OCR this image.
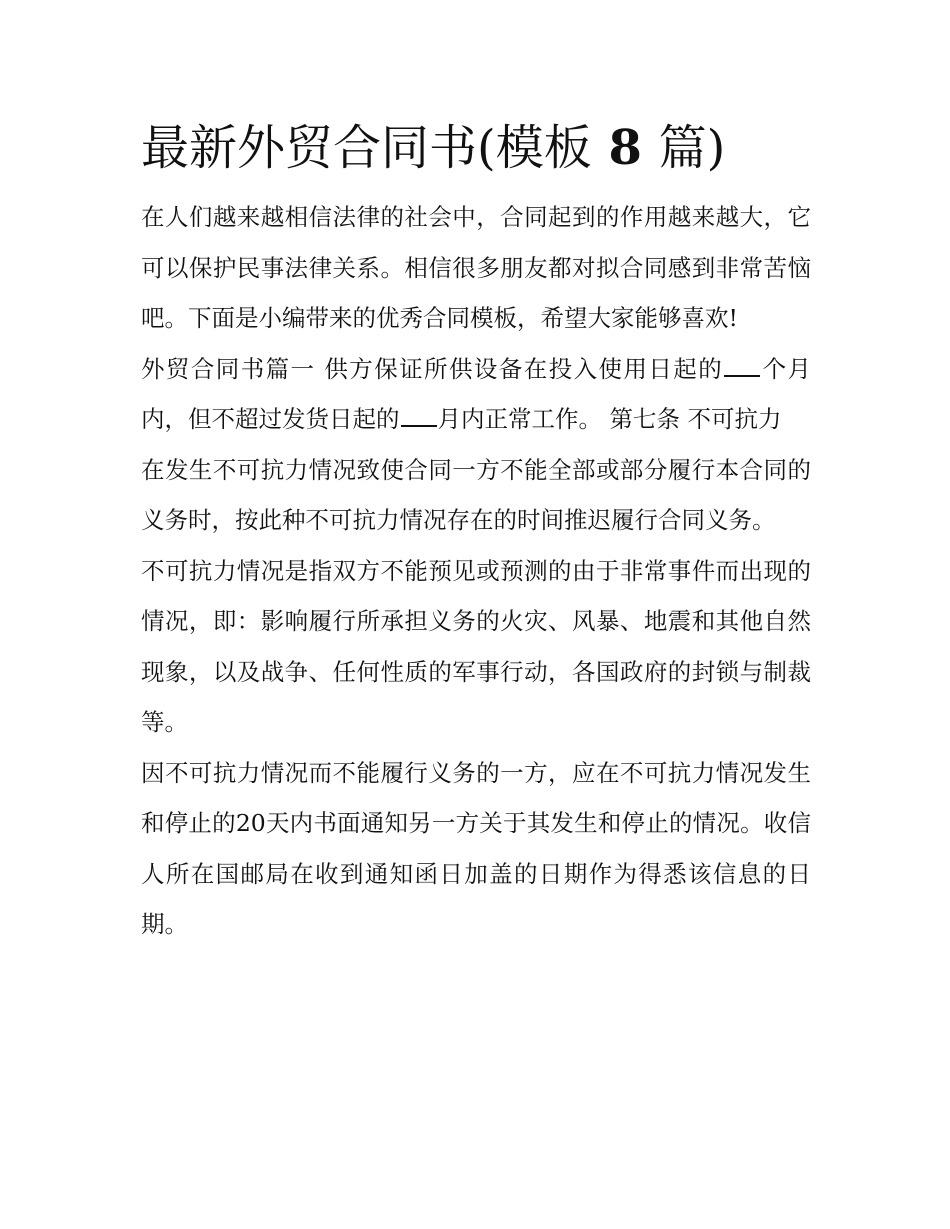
最新外贸合同书(模板 8 篇)

在人们越来越相信法律的社会中，合同起到的作用越来越大，它可以保护民事法律关系。相信很多朋友都对拟合同感到非常苦恼吧。下面是小编带来的优秀合同模板，希望大家能够喜欢!

外贸合同书篇一 供方保证所供设备在投入使用日起的 个月内，但不超过发货日起的 月内正常工作。 第七条 不可抗力

在发生不可抗力情况致使合同一方不能全部或部分履行本合同的义务时，按此种不可抗力情况存在的时间推迟履行合同义务。

不可抗力情况是指双方不能预见或预测的由于非常事件而出现的情况，即：影响履行所承担义务的火灾、风暴、地震和其他自然现象，以及战争、任何性质的军事行动，各国政府的封锁与制裁等。

因不可抗力情况而不能履行义务的一方，应在不可抗力情况发生和停止的20天内书面通知另一方关于其发生和停止的情况。收信人所在国邮局在收到通知函日加盖的日期作为得悉该信息的日期。
